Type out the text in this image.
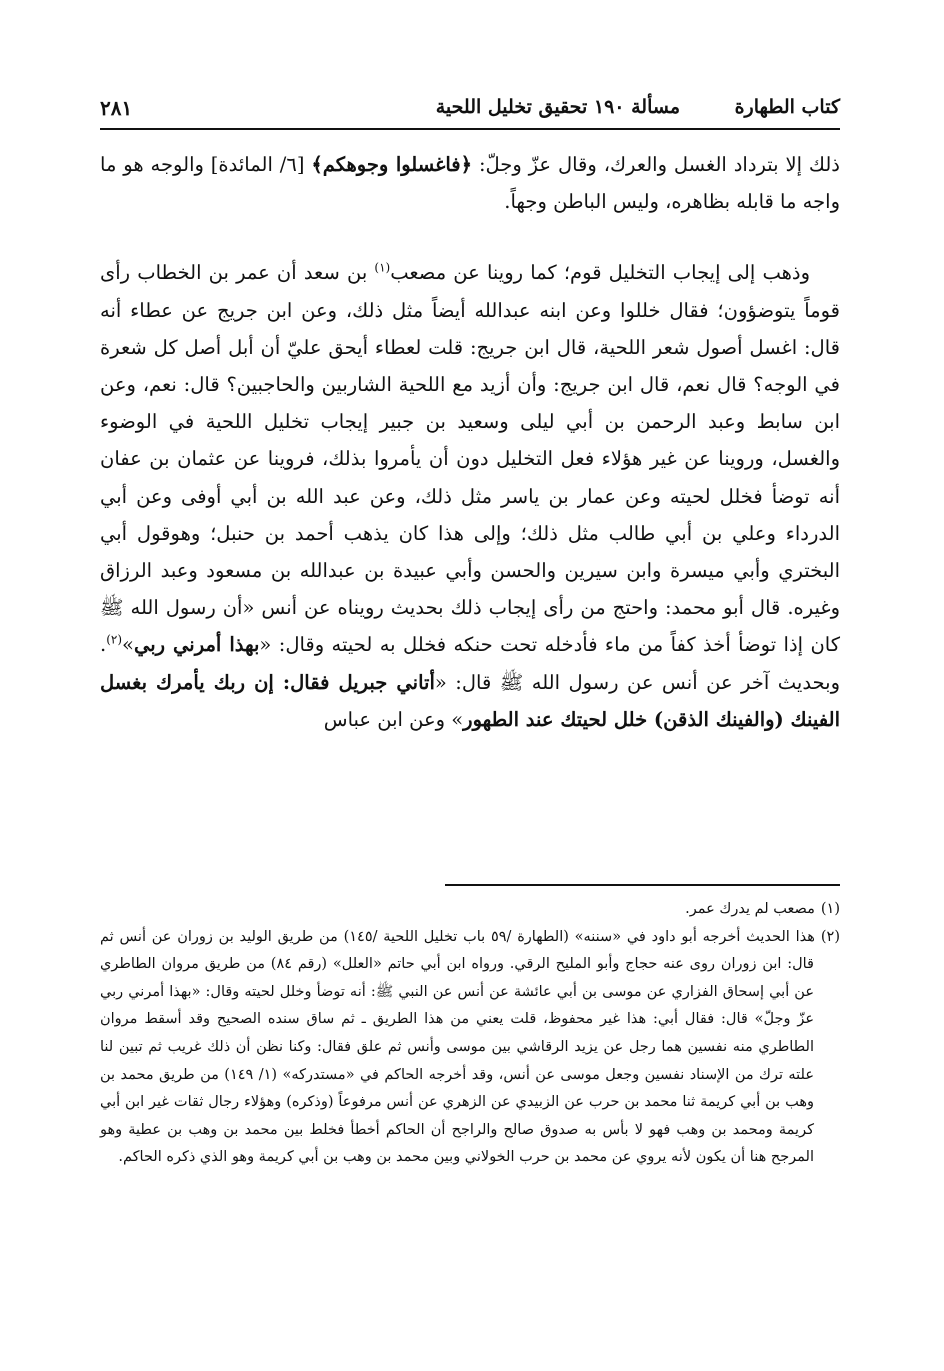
كتاب الطهارة
مسألة ١٩٠ تحقيق تخليل اللحية
٢٨١

ذلك إلا بترداد الغسل والعرك، وقال عزّ وجلّ: ﴿فاغسلوا وجوهكم﴾ [٦/ المائدة] والوجه هو ما واجه ما قابله بظاهره، وليس الباطن وجهاً.

وذهب إلى إيجاب التخليل قوم؛ كما روينا عن مصعب$^{(١)}$ بن سعد أن عمر بن الخطاب رأى قوماً يتوضؤون؛ فقال خللوا وعن ابنه عبدالله أيضاً مثل ذلك، وعن ابن جريج عن عطاء أنه قال: اغسل أصول شعر اللحية، قال ابن جريج: قلت لعطاء أيحق عليّ أن أبل أصل كل شعرة في الوجه؟ قال نعم، قال ابن جريج: وأن أزيد مع اللحية الشاربين والحاجبين؟ قال: نعم، وعن ابن سابط وعبد الرحمن بن أبي ليلى وسعيد بن جبير إيجاب تخليل اللحية في الوضوء والغسل، وروينا عن غير هؤلاء فعل التخليل دون أن يأمروا بذلك، فروينا عن عثمان بن عفان أنه توضأ فخلل لحيته وعن عمار بن ياسر مثل ذلك، وعن عبد الله بن أبي أوفى وعن أبي الدرداء وعلي بن أبي طالب مثل ذلك؛ وإلى هذا كان يذهب أحمد بن حنبل؛ وهوقول أبي البختري وأبي ميسرة وابن سيرين والحسن وأبي عبيدة بن عبدالله بن مسعود وعبد الرزاق وغيره. قال أبو محمد: واحتج من رأى إيجاب ذلك بحديث رويناه عن أنس «أن رسول الله ﷺ كان إذا توضأ أخذ كفاً من ماء فأدخله تحت حنكه فخلل به لحيته وقال: «بهذا أمرني ربي»$^{(٢)}$. وبحديث آخر عن أنس عن رسول الله ﷺ قال: «أتاني جبريل فقال: إن ربك يأمرك بغسل الفينك (والفينك الذقن) خلل لحيتك عند الطهور» وعن ابن عباس

(١)مصعب لم يدرك عمر.

(٢)هذا الحديث أخرجه أبو داود في «سننه» (الطهارة /٥٩ باب تخليل اللحية /١٤٥) من طريق الوليد بن زوران عن أنس ثم قال: ابن زوران روى عنه حجاج وأبو المليح الرقي. ورواه ابن أبي حاتم «العلل» (رقم ٨٤) من طريق مروان الطاطري عن أبي إسحاق الفزاري عن موسى بن أبي عائشة عن أنس عن النبي ﷺ: أنه توضأ وخلل لحيته وقال: «بهذا أمرني ربي عزّ وجلّ» قال: فقال أبي: هذا غير محفوظ، قلت يعني من هذا الطريق ـ ثم ساق سنده الصحيح وقد أسقط مروان الطاطري منه نفسين هما رجل عن يزيد الرقاشي بين موسى وأنس ثم علق فقال: وكنا نظن أن ذلك غريب ثم تبين لنا علته ترك من الإسناد نفسين وجعل موسى عن أنس، وقد أخرجه الحاكم في «مستدركه» (١/ ١٤٩) من طريق محمد بن وهب بن أبي كريمة ثنا محمد بن حرب عن الزبيدي عن الزهري عن أنس مرفوعاً (وذكره) وهؤلاء رجال ثقات غير ابن أبي كريمة ومحمد بن وهب فهو لا بأس به صدوق صالح والراجح أن الحاكم أخطأ فخلط بين محمد بن وهب بن عطية وهو المرجح هنا أن يكون لأنه يروي عن محمد بن حرب الخولاني وبين محمد بن وهب بن أبي كريمة وهو الذي ذكره الحاكم.
